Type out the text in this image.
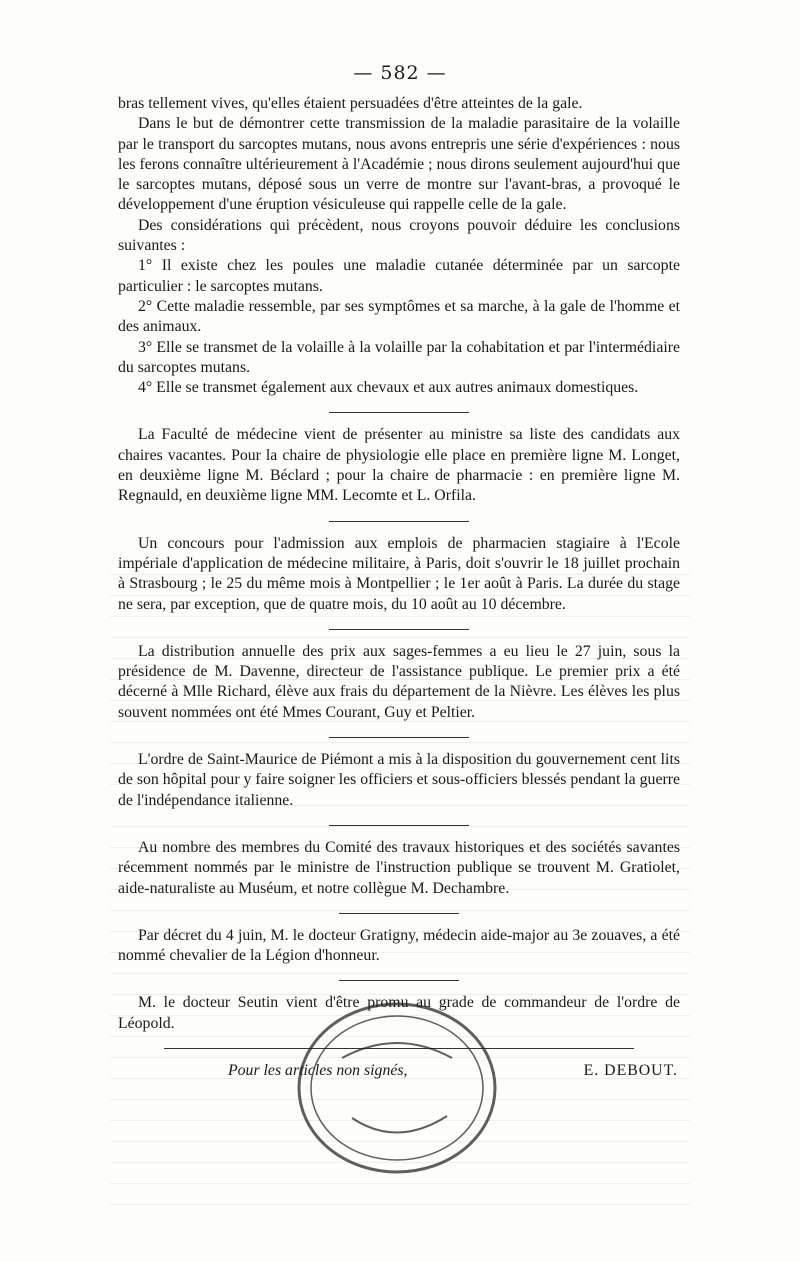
— 582 —

bras tellement vives, qu'elles étaient persuadées d'être atteintes de la gale.

Dans le but de démontrer cette transmission de la maladie parasitaire de la volaille par le transport du sarcoptes mutans, nous avons entrepris une série d'expériences : nous les ferons connaître ultérieurement à l'Académie ; nous dirons seulement aujourd'hui que le sarcoptes mutans, déposé sous un verre de montre sur l'avant-bras, a provoqué le développement d'une éruption vésiculeuse qui rappelle celle de la gale.

Des considérations qui précèdent, nous croyons pouvoir déduire les conclusions suivantes :

1° Il existe chez les poules une maladie cutanée déterminée par un sarcopte particulier : le sarcoptes mutans.

2° Cette maladie ressemble, par ses symptômes et sa marche, à la gale de l'homme et des animaux.

3° Elle se transmet de la volaille à la volaille par la cohabitation et par l'intermédiaire du sarcoptes mutans.

4° Elle se transmet également aux chevaux et aux autres animaux domestiques.

La Faculté de médecine vient de présenter au ministre sa liste des candidats aux chaires vacantes. Pour la chaire de physiologie elle place en première ligne M. Longet, en deuxième ligne M. Béclard ; pour la chaire de pharmacie : en première ligne M. Regnauld, en deuxième ligne MM. Lecomte et L. Orfila.

Un concours pour l'admission aux emplois de pharmacien stagiaire à l'Ecole impériale d'application de médecine militaire, à Paris, doit s'ouvrir le 18 juillet prochain à Strasbourg ; le 25 du même mois à Montpellier ; le 1er août à Paris. La durée du stage ne sera, par exception, que de quatre mois, du 10 août au 10 décembre.

La distribution annuelle des prix aux sages-femmes a eu lieu le 27 juin, sous la présidence de M. Davenne, directeur de l'assistance publique. Le premier prix a été décerné à Mlle Richard, élève aux frais du département de la Nièvre. Les élèves les plus souvent nommées ont été Mmes Courant, Guy et Peltier.

L'ordre de Saint-Maurice de Piémont a mis à la disposition du gouvernement cent lits de son hôpital pour y faire soigner les officiers et sous-officiers blessés pendant la guerre de l'indépendance italienne.

Au nombre des membres du Comité des travaux historiques et des sociétés savantes récemment nommés par le ministre de l'instruction publique se trouvent M. Gratiolet, aide-naturaliste au Muséum, et notre collègue M. Dechambre.

Par décret du 4 juin, M. le docteur Gratigny, médecin aide-major au 3e zouaves, a été nommé chevalier de la Légion d'honneur.

M. le docteur Seutin vient d'être promu au grade de commandeur de l'ordre de Léopold.

Pour les articles non signés,	E. DEBOUT.
